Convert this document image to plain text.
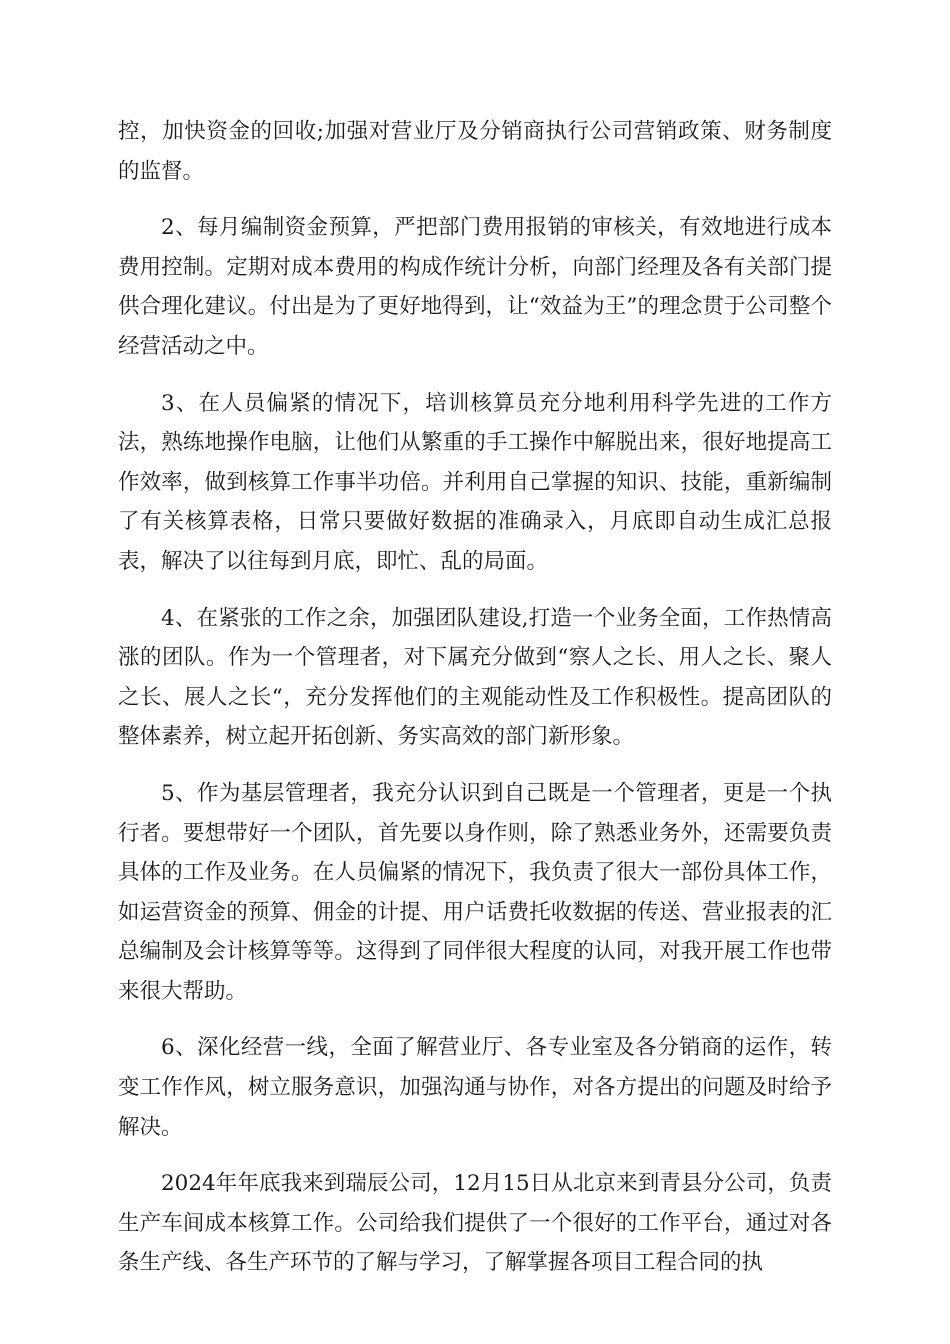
控，加快资金的回收;加强对营业厅及分销商执行公司营销政策、财务制度的监督。

2、每月编制资金预算，严把部门费用报销的审核关，有效地进行成本费用控制。定期对成本费用的构成作统计分析，向部门经理及各有关部门提供合理化建议。付出是为了更好地得到，让“效益为王”的理念贯于公司整个经营活动之中。

3、在人员偏紧的情况下，培训核算员充分地利用科学先进的工作方法，熟练地操作电脑，让他们从繁重的手工操作中解脱出来，很好地提高工作效率，做到核算工作事半功倍。并利用自己掌握的知识、技能，重新编制了有关核算表格，日常只要做好数据的准确录入，月底即自动生成汇总报表，解决了以往每到月底，即忙、乱的局面。

4、在紧张的工作之余，加强团队建设,打造一个业务全面，工作热情高涨的团队。作为一个管理者，对下属充分做到“察人之长、用人之长、聚人之长、展人之长“，充分发挥他们的主观能动性及工作积极性。提高团队的整体素养，树立起开拓创新、务实高效的部门新形象。

5、作为基层管理者，我充分认识到自己既是一个管理者，更是一个执行者。要想带好一个团队，首先要以身作则，除了熟悉业务外，还需要负责具体的工作及业务。在人员偏紧的情况下，我负责了很大一部份具体工作，如运营资金的预算、佣金的计提、用户话费托收数据的传送、营业报表的汇总编制及会计核算等等。这得到了同伴很大程度的认同，对我开展工作也带来很大帮助。

6、深化经营一线，全面了解营业厅、各专业室及各分销商的运作，转变工作作风，树立服务意识，加强沟通与协作，对各方提出的问题及时给予解决。

2024年年底我来到瑞辰公司，12月15日从北京来到青县分公司，负责生产车间成本核算工作。公司给我们提供了一个很好的工作平台，通过对各条生产线、各生产环节的了解与学习，了解掌握各项目工程合同的执
